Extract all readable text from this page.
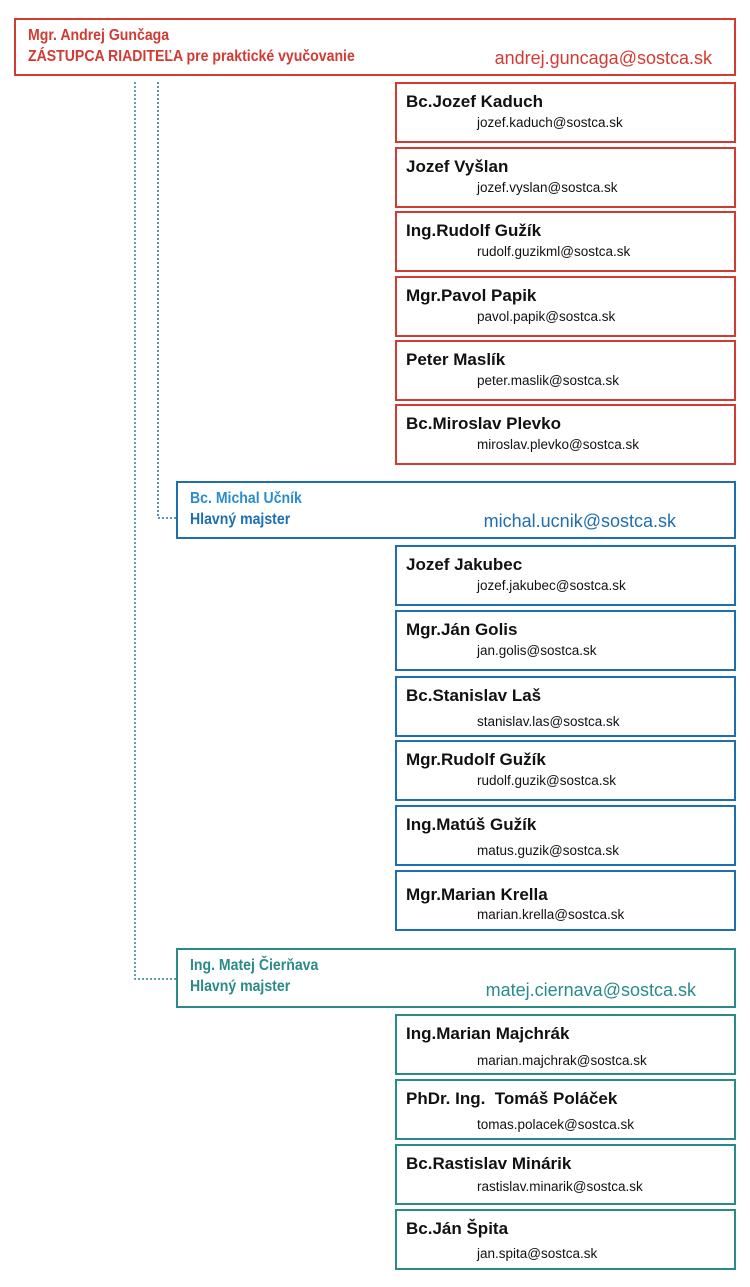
Mgr. Andrej Gunčaga
ZÁSTUPCA RIADITEĽA pre praktické vyučovanie	andrej.guncaga@sostca.sk
Bc.Jozef Kaduch
jozef.kaduch@sostca.sk
Jozef Vyšlan
jozef.vyslan@sostca.sk
Ing.Rudolf Gužík
rudolf.guzikml@sostca.sk
Mgr.Pavol Papik
pavol.papik@sostca.sk
Peter Maslík
peter.maslik@sostca.sk
Bc.Miroslav Plevko
miroslav.plevko@sostca.sk
Bc. Michal Učník
Hlavný majster	michal.ucnik@sostca.sk
Jozef Jakubec
jozef.jakubec@sostca.sk
Mgr.Ján Golis
jan.golis@sostca.sk
Bc.Stanislav Laš
stanislav.las@sostca.sk
Mgr.Rudolf Gužík
rudolf.guzik@sostca.sk
Ing.Matúš Gužík
matus.guzik@sostca.sk
Mgr.Marian Krella
marian.krella@sostca.sk
Ing. Matej Čierňava
Hlavný majster	matej.ciernava@sostca.sk
Ing.Marian Majchrák
marian.majchrak@sostca.sk
PhDr. Ing.  Tomáš Poláček
tomas.polacek@sostca.sk
Bc.Rastislav Minárik
rastislav.minarik@sostca.sk
Bc.Ján Špita
jan.spita@sostca.sk
